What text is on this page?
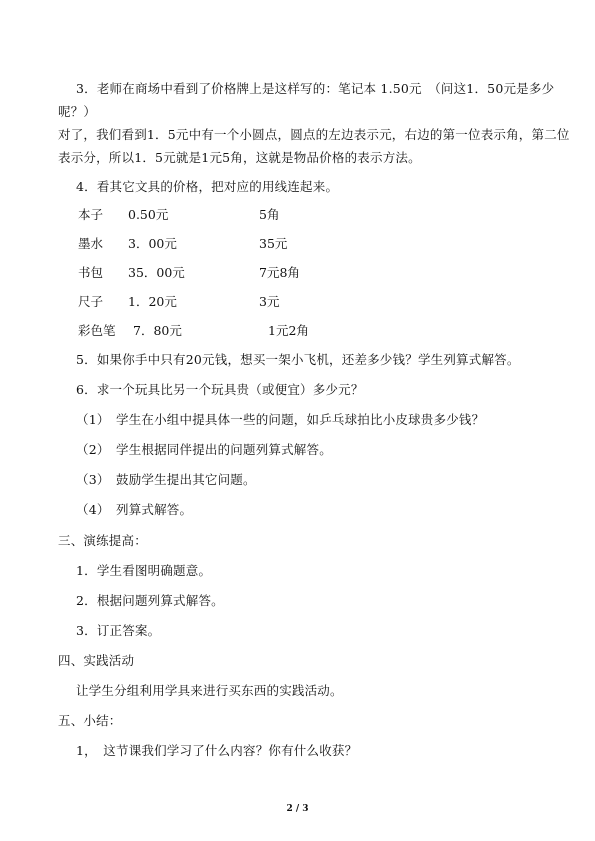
3．老师在商场中看到了价格牌上是这样写的：笔记本 1.50元　（问这1．50元是多少
呢？）
对了，我们看到1．5元中有一个小圆点，圆点的左边表示元，右边的第一位表示角，第二位
表示分，所以1．5元就是1元5角，这就是物品价格的表示方法。
4．看其它文具的价格，把对应的用线连起来。
本子 0.50元	5角
墨水 3．00元	35元
书包 35．00元	7元8角
尺子 1．20元	3元
彩色笔 7．80元	1元2角
5．如果你手中只有20元钱，想买一架小飞机，还差多少钱？学生列算式解答。
6．求一个玩具比另一个玩具贵（或便宜）多少元？
（1）　学生在小组中提具体一些的问题，如乒乓球拍比小皮球贵多少钱？
（2）　学生根据同伴提出的问题列算式解答。
（3）　鼓励学生提出其它问题。
（4）　列算式解答。
三、演练提高：
1．学生看图明确题意。
2．根据问题列算式解答。
3．订正答案。
四、实践活动
让学生分组利用学具来进行买东西的实践活动。
五、小结：
1，　这节课我们学习了什么内容？你有什么收获？
2 / 3
